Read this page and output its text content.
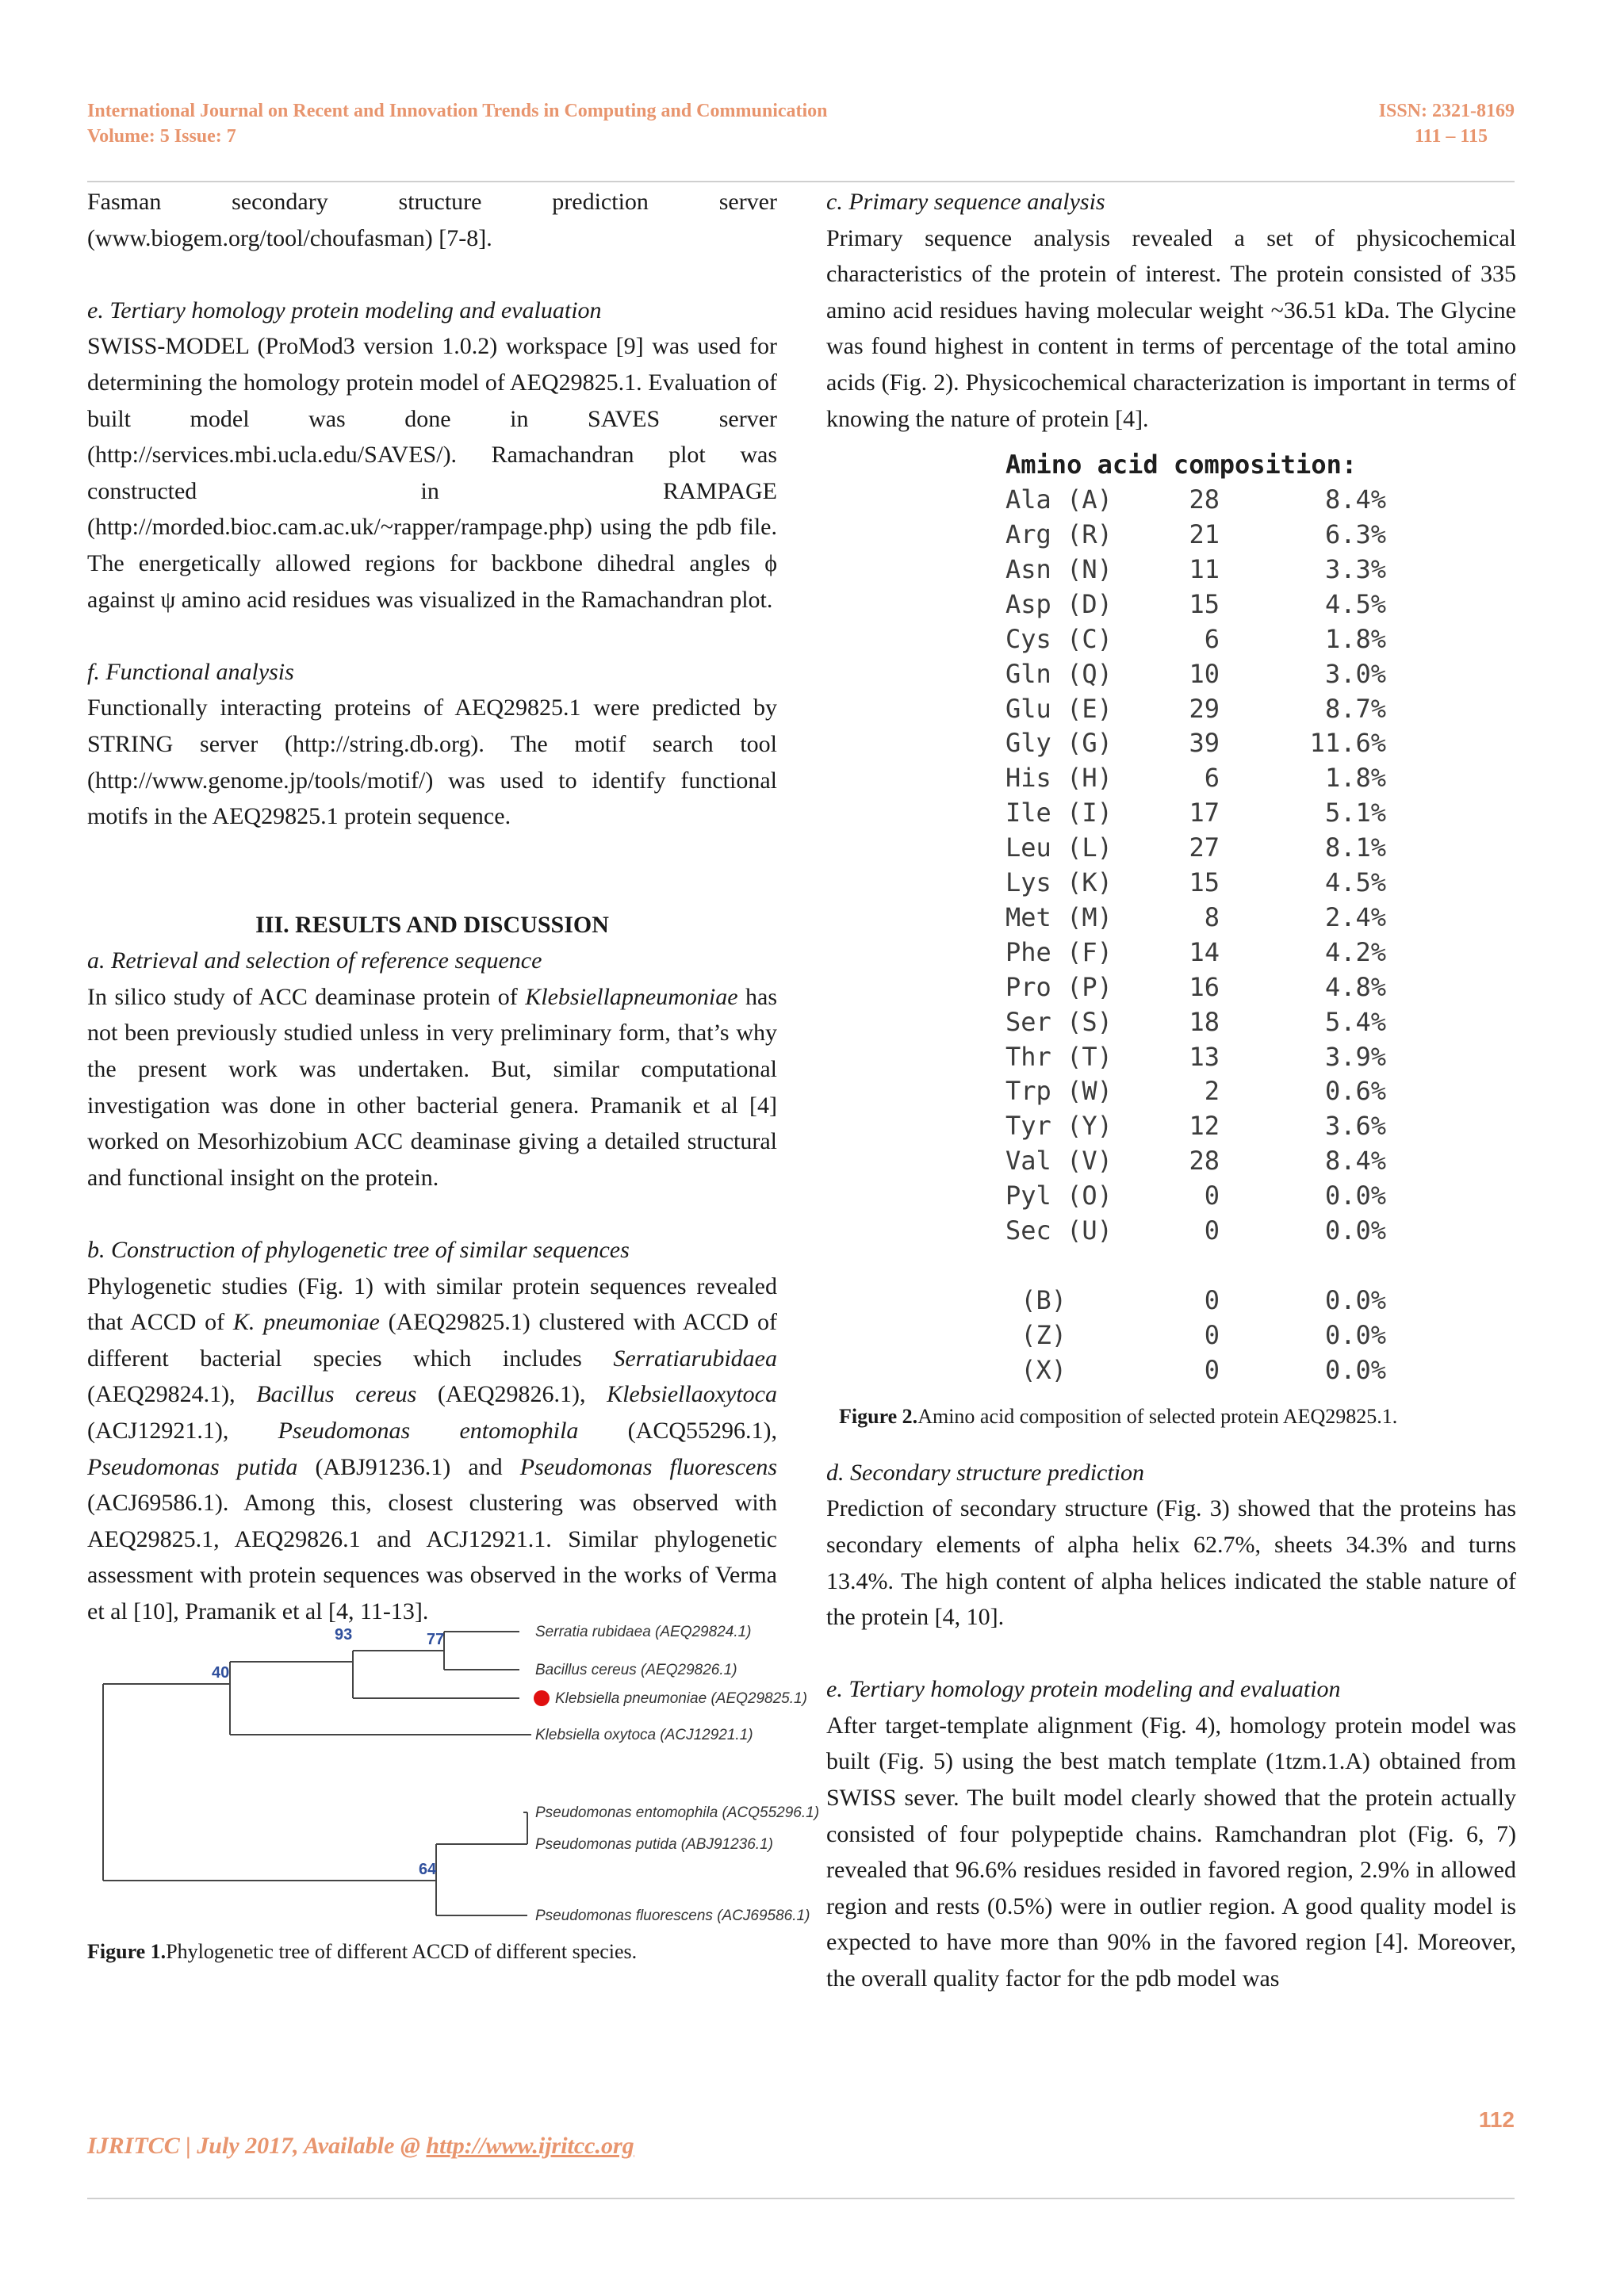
International Journal on Recent and Innovation Trends in Computing and Communication
Volume: 5 Issue: 7
ISSN: 2321-8169
111 – 115

Fasman secondary structure prediction server (www.biogem.org/tool/choufasman) [7-8].

e. Tertiary homology protein modeling and evaluation

SWISS-MODEL (ProMod3 version 1.0.2) workspace [9] was used for determining the homology protein model of AEQ29825.1. Evaluation of built model was done in SAVES server (http://services.mbi.ucla.edu/SAVES/). Ramachandran plot was constructed in RAMPAGE (http://morded.bioc.cam.ac.uk/~rapper/rampage.php) using the pdb file. The energetically allowed regions for backbone dihedral angles ϕ against ψ amino acid residues was visualized in the Ramachandran plot.

f. Functional analysis

Functionally interacting proteins of AEQ29825.1 were predicted by STRING server (http://string.db.org). The motif search tool (http://www.genome.jp/tools/motif/) was used to identify functional motifs in the AEQ29825.1 protein sequence.

III. RESULTS AND DISCUSSION

a. Retrieval and selection of reference sequence

In silico study of ACC deaminase protein of Klebsiellapneumoniae has not been previously studied unless in very preliminary form, that’s why the present work was undertaken. But, similar computational investigation was done in other bacterial genera. Pramanik et al [4] worked on Mesorhizobium ACC deaminase giving a detailed structural and functional insight on the protein.

b. Construction of phylogenetic tree of similar sequences

Phylogenetic studies (Fig. 1) with similar protein sequences revealed that ACCD of K. pneumoniae (AEQ29825.1) clustered with ACCD of different bacterial species which includes Serratiarubidaea (AEQ29824.1), Bacillus cereus (AEQ29826.1), Klebsiellaoxytoca (ACJ12921.1), Pseudomonas entomophila (ACQ55296.1), Pseudomonas putida (ABJ91236.1) and Pseudomonas fluorescens (ACJ69586.1). Among this, closest clustering was observed with AEQ29825.1, AEQ29826.1 and ACJ12921.1. Similar phylogenetic assessment with protein sequences was observed in the works of Verma et al [10], Pramanik et al [4, 11-13].

77
93
40
64
Serratia rubidaea (AEQ29824.1)
Bacillus cereus (AEQ29826.1)
Klebsiella pneumoniae (AEQ29825.1)
Klebsiella oxytoca (ACJ12921.1)
Pseudomonas entomophila (ACQ55296.1)
Pseudomonas putida (ABJ91236.1)
Pseudomonas fluorescens (ACJ69586.1)

Figure 1.Phylogenetic tree of different ACCD of different species.

c. Primary sequence analysis

Primary sequence analysis revealed a set of physicochemical characteristics of the protein of interest. The protein consisted of 335 amino acid residues having molecular weight ~36.51 kDa. The Glycine was found highest in content in terms of percentage of the total amino acids (Fig. 2). Physicochemical characterization is important in terms of knowing the nature of protein [4].

Amino acid composition:
Ala (A)	28	8.4%
Arg (R)	21	6.3%
Asn (N)	11	3.3%
Asp (D)	15	4.5%
Cys (C)	6	1.8%
Gln (Q)	10	3.0%
Glu (E)	29	8.7%
Gly (G)	39	11.6%
His (H)	6	1.8%
Ile (I)	17	5.1%
Leu (L)	27	8.1%
Lys (K)	15	4.5%
Met (M)	8	2.4%
Phe (F)	14	4.2%
Pro (P)	16	4.8%
Ser (S)	18	5.4%
Thr (T)	13	3.9%
Trp (W)	2	0.6%
Tyr (Y)	12	3.6%
Val (V)	28	8.4%
Pyl (O)	0	0.0%
Sec (U)	0	0.0%
(B)	0	0.0%
(Z)	0	0.0%
(X)	0	0.0%

Figure 2.Amino acid composition of selected protein AEQ29825.1.

d. Secondary structure prediction

Prediction of secondary structure (Fig. 3) showed that the proteins has secondary elements of alpha helix 62.7%, sheets 34.3% and turns 13.4%. The high content of alpha helices indicated the stable nature of the protein [4, 10].

e. Tertiary homology protein modeling and evaluation

After target-template alignment (Fig. 4), homology protein model was built (Fig. 5) using the best match template (1tzm.1.A) obtained from SWISS sever. The built model clearly showed that the protein actually consisted of four polypeptide chains. Ramchandran plot (Fig. 6, 7) revealed that 96.6% residues resided in favored region, 2.9% in allowed region and rests (0.5%) were in outlier region. A good quality model is expected to have more than 90% in the favored region [4]. Moreover, the overall quality factor for the pdb model was

112
IJRITCC | July 2017, Available @ http://www.ijritcc.org
